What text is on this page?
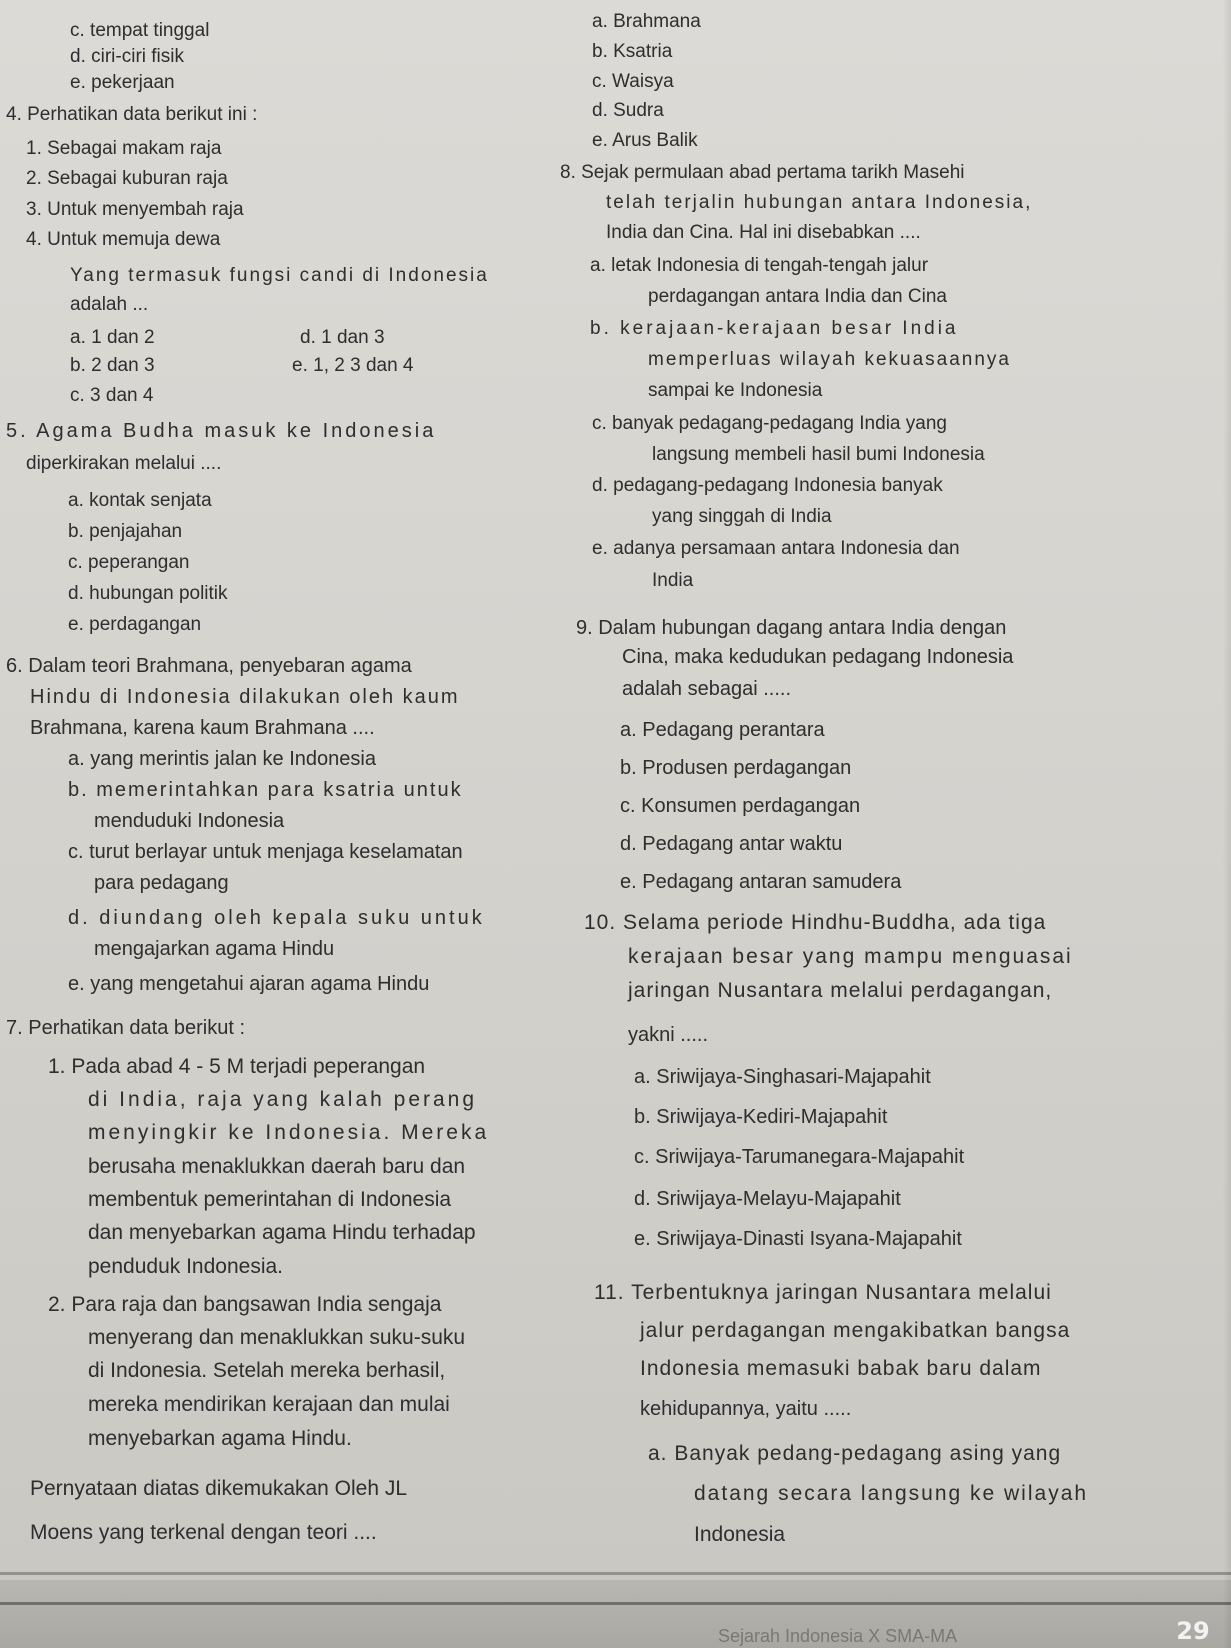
c. tempat tinggal
d. ciri-ciri fisik
e. pekerjaan
4. Perhatikan data berikut ini :
1. Sebagai makam raja
2. Sebagai kuburan raja
3. Untuk menyembah raja
4. Untuk memuja dewa
Yang termasuk fungsi candi di Indonesia
adalah ...
a. 1 dan 2	d. 1 dan 3
b. 2 dan 3	e. 1, 2 3 dan 4
c. 3 dan 4
5. Agama Budha masuk ke Indonesia
diperkirakan melalui ....
a. kontak senjata
b. penjajahan
c. peperangan
d. hubungan politik
e. perdagangan
6. Dalam teori Brahmana, penyebaran agama
Hindu di Indonesia dilakukan oleh kaum
Brahmana, karena kaum Brahmana ....
a. yang merintis jalan ke Indonesia
b. memerintahkan para ksatria untuk
menduduki Indonesia
c. turut berlayar untuk menjaga keselamatan
para pedagang
d. diundang oleh kepala suku untuk
mengajarkan agama Hindu
e. yang mengetahui ajaran agama Hindu
7. Perhatikan data berikut :
1. Pada abad 4 - 5 M terjadi peperangan
di India, raja yang kalah perang
menyingkir ke Indonesia. Mereka
berusaha menaklukkan daerah baru dan
membentuk pemerintahan di Indonesia
dan menyebarkan agama Hindu terhadap
penduduk Indonesia.
2. Para raja dan bangsawan India sengaja
menyerang dan menaklukkan suku-suku
di Indonesia. Setelah mereka berhasil,
mereka mendirikan kerajaan dan mulai
menyebarkan agama Hindu.
Pernyataan diatas dikemukakan Oleh JL
Moens yang terkenal dengan teori ....
a. Brahmana
b. Ksatria
c. Waisya
d. Sudra
e. Arus Balik
8. Sejak permulaan abad pertama tarikh Masehi
telah terjalin hubungan antara Indonesia,
India dan Cina. Hal ini disebabkan ....
a. letak Indonesia di tengah-tengah jalur
perdagangan antara India dan Cina
b. kerajaan-kerajaan besar India
memperluas wilayah kekuasaannya
sampai ke Indonesia
c. banyak pedagang-pedagang India yang
langsung membeli hasil bumi Indonesia
d. pedagang-pedagang Indonesia banyak
yang singgah di India
e. adanya persamaan antara Indonesia dan
India
9. Dalam hubungan dagang antara India dengan
Cina, maka kedudukan pedagang Indonesia
adalah sebagai .....
a. Pedagang perantara
b. Produsen perdagangan
c. Konsumen perdagangan
d. Pedagang antar waktu
e. Pedagang antaran samudera
10. Selama periode Hindhu-Buddha, ada tiga
kerajaan besar yang mampu menguasai
jaringan Nusantara melalui perdagangan,
yakni .....
a. Sriwijaya-Singhasari-Majapahit
b. Sriwijaya-Kediri-Majapahit
c. Sriwijaya-Tarumanegara-Majapahit
d. Sriwijaya-Melayu-Majapahit
e. Sriwijaya-Dinasti Isyana-Majapahit
11. Terbentuknya jaringan Nusantara melalui
jalur perdagangan mengakibatkan bangsa
Indonesia memasuki babak baru dalam
kehidupannya, yaitu .....
a. Banyak pedang-pedagang asing yang
datang secara langsung ke wilayah
Indonesia
Sejarah Indonesia X SMA-MA	29
